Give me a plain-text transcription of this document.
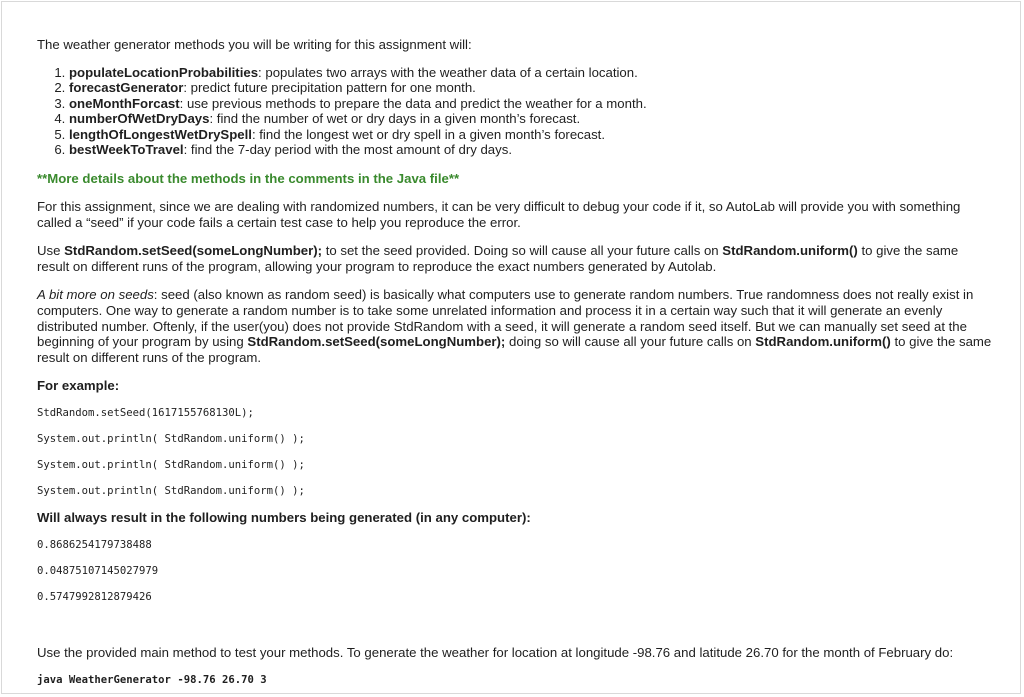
The weather generator methods you will be writing for this assignment will:

1. populateLocationProbabilities: populates two arrays with the weather data of a certain location.
2. forecastGenerator: predict future precipitation pattern for one month.
3. oneMonthForcast: use previous methods to prepare the data and predict the weather for a month.
4. numberOfWetDryDays: find the number of wet or dry days in a given month’s forecast.
5. lengthOfLongestWetDrySpell: find the longest wet or dry spell in a given month’s forecast.
6. bestWeekToTravel: find the 7-day period with the most amount of dry days.

**More details about the methods in the comments in the Java file**

For this assignment, since we are dealing with randomized numbers, it can be very difficult to debug your code if it, so AutoLab will provide you with something called a “seed” if your code fails a certain test case to help you reproduce the error.

Use StdRandom.setSeed(someLongNumber); to set the seed provided. Doing so will cause all your future calls on StdRandom.uniform() to give the same result on different runs of the program, allowing your program to reproduce the exact numbers generated by Autolab.

A bit more on seeds: seed (also known as random seed) is basically what computers use to generate random numbers. True randomness does not really exist in computers. One way to generate a random number is to take some unrelated information and process it in a certain way such that it will generate an evenly distributed number. Oftenly, if the user(you) does not provide StdRandom with a seed, it will generate a random seed itself. But we can manually set seed at the beginning of your program by using StdRandom.setSeed(someLongNumber); doing so will cause all your future calls on StdRandom.uniform() to give the same result on different runs of the program.

For example:

StdRandom.setSeed(1617155768130L);
System.out.println( StdRandom.uniform() );
System.out.println( StdRandom.uniform() );
System.out.println( StdRandom.uniform() );

Will always result in the following numbers being generated (in any computer):

0.8686254179738488
0.04875107145027979
0.5747992812879426

Use the provided main method to test your methods. To generate the weather for location at longitude -98.76 and latitude 26.70 for the month of February do:

java WeatherGenerator -98.76 26.70 3
